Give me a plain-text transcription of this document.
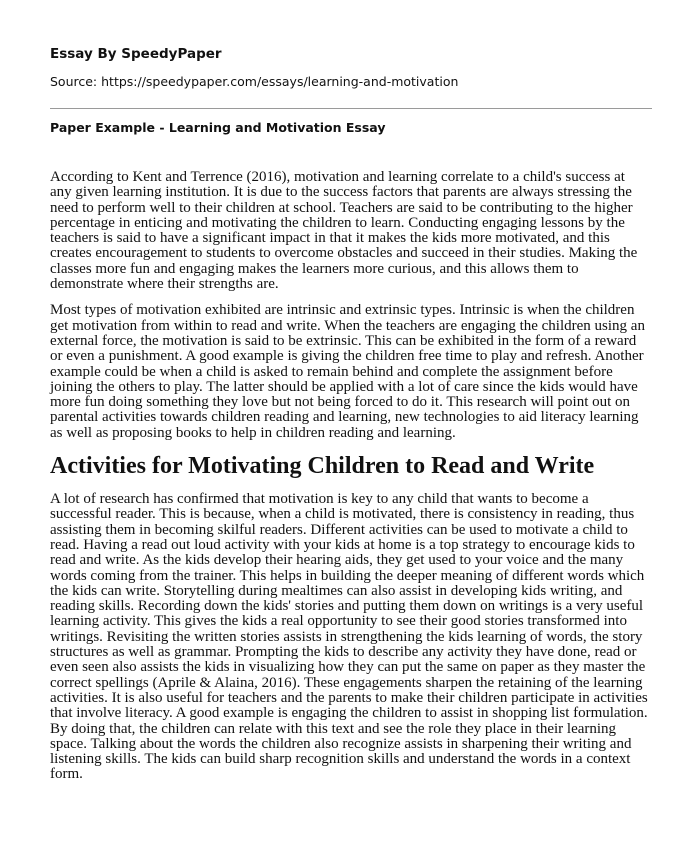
Essay By SpeedyPaper
Source: https://speedypaper.com/essays/learning-and-motivation
Paper Example - Learning and Motivation Essay

According to Kent and Terrence (2016), motivation and learning correlate to a child's success at any given learning institution. It is due to the success factors that parents are always stressing the need to perform well to their children at school. Teachers are said to be contributing to the higher percentage in enticing and motivating the children to learn. Conducting engaging lessons by the teachers is said to have a significant impact in that it makes the kids more motivated, and this creates encouragement to students to overcome obstacles and succeed in their studies. Making the classes more fun and engaging makes the learners more curious, and this allows them to demonstrate where their strengths are.

Most types of motivation exhibited are intrinsic and extrinsic types. Intrinsic is when the children get motivation from within to read and write. When the teachers are engaging the children using an external force, the motivation is said to be extrinsic. This can be exhibited in the form of a reward or even a punishment. A good example is giving the children free time to play and refresh. Another example could be when a child is asked to remain behind and complete the assignment before joining the others to play. The latter should be applied with a lot of care since the kids would have more fun doing something they love but not being forced to do it. This research will point out on parental activities towards children reading and learning, new technologies to aid literacy learning as well as proposing books to help in children reading and learning.

Activities for Motivating Children to Read and Write

A lot of research has confirmed that motivation is key to any child that wants to become a successful reader. This is because, when a child is motivated, there is consistency in reading, thus assisting them in becoming skilful readers. Different activities can be used to motivate a child to read. Having a read out loud activity with your kids at home is a top strategy to encourage kids to read and write. As the kids develop their hearing aids, they get used to your voice and the many words coming from the trainer. This helps in building the deeper meaning of different words which the kids can write. Storytelling during mealtimes can also assist in developing kids writing, and reading skills. Recording down the kids' stories and putting them down on writings is a very useful learning activity. This gives the kids a real opportunity to see their good stories transformed into writings. Revisiting the written stories assists in strengthening the kids learning of words, the story structures as well as grammar. Prompting the kids to describe any activity they have done, read or even seen also assists the kids in visualizing how they can put the same on paper as they master the correct spellings (Aprile & Alaina, 2016). These engagements sharpen the retaining of the learning activities. It is also useful for teachers and the parents to make their children participate in activities that involve literacy. A good example is engaging the children to assist in shopping list formulation. By doing that, the children can relate with this text and see the role they place in their learning space. Talking about the words the children also recognize assists in sharpening their writing and listening skills. The kids can build sharp recognition skills and understand the words in a context form.
